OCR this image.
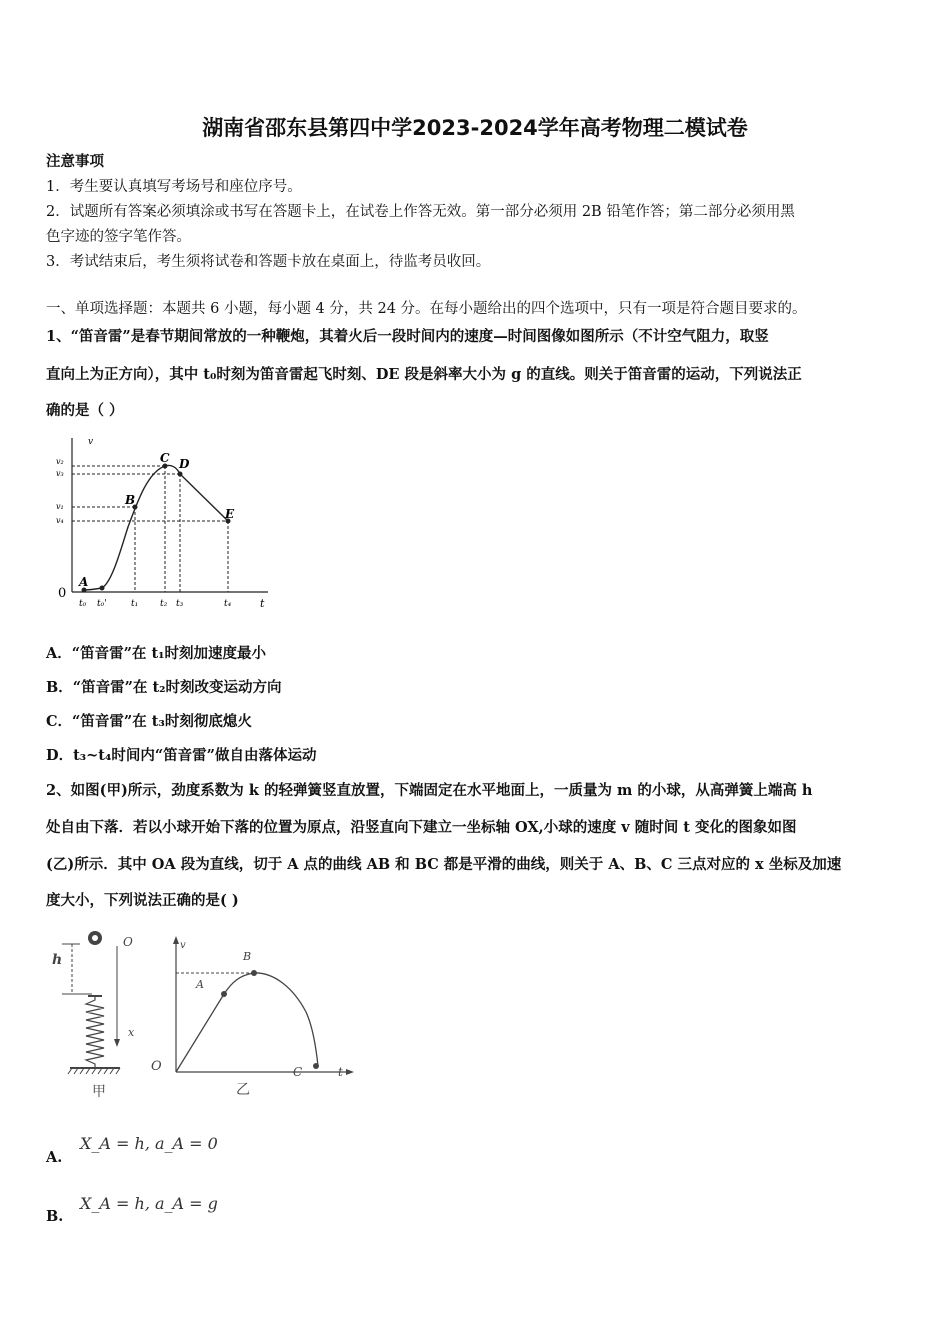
湖南省邵东县第四中学2023-2024学年高考物理二模试卷
注意事项
1．考生要认真填写考场号和座位序号。
2．试题所有答案必须填涂或书写在答题卡上，在试卷上作答无效。第一部分必须用 2B 铅笔作答；第二部分必须用黑
色字迹的签字笔作答。
3．考试结束后，考生须将试卷和答题卡放在桌面上，待监考员收回。
一、单项选择题：本题共 6 小题，每小题 4 分，共 24 分。在每小题给出的四个选项中，只有一项是符合题目要求的。
1、“笛音雷”是春节期间常放的一种鞭炮，其着火后一段时间内的速度—时间图像如图所示（不计空气阻力，取竖
直向上为正方向），其中 t₀时刻为笛音雷起飞时刻、DE 段是斜率大小为 g 的直线。则关于笛音雷的运动，下列说法正
确的是（ ）
v
t
0
A
B
C D
E
v₂
v₃
v₁
v₄
t₀ t₀'	t₁ t₂ t₃	t₄
A．“笛音雷”在 t₁时刻加速度最小
B．“笛音雷”在 t₂时刻改变运动方向
C．“笛音雷”在 t₃时刻彻底熄火
D．t₃~t₄时间内“笛音雷”做自由落体运动
2、如图(甲)所示，劲度系数为 k 的轻弹簧竖直放置，下端固定在水平地面上，一质量为 m 的小球，从高弹簧上端高 h
处自由下落．若以小球开始下落的位置为原点，沿竖直向下建立一坐标轴 OX,小球的速度 v 随时间 t 变化的图象如图
(乙)所示．其中 OA 段为直线，切于 A 点的曲线 AB 和 BC 都是平滑的曲线，则关于 A、B、C 三点对应的 x 坐标及加速
度大小，下列说法正确的是( )
h
O
x
甲
v
O	t
A
B
C
乙
A.
X_A = h, a_A = 0
B.
X_A = h, a_A = g
